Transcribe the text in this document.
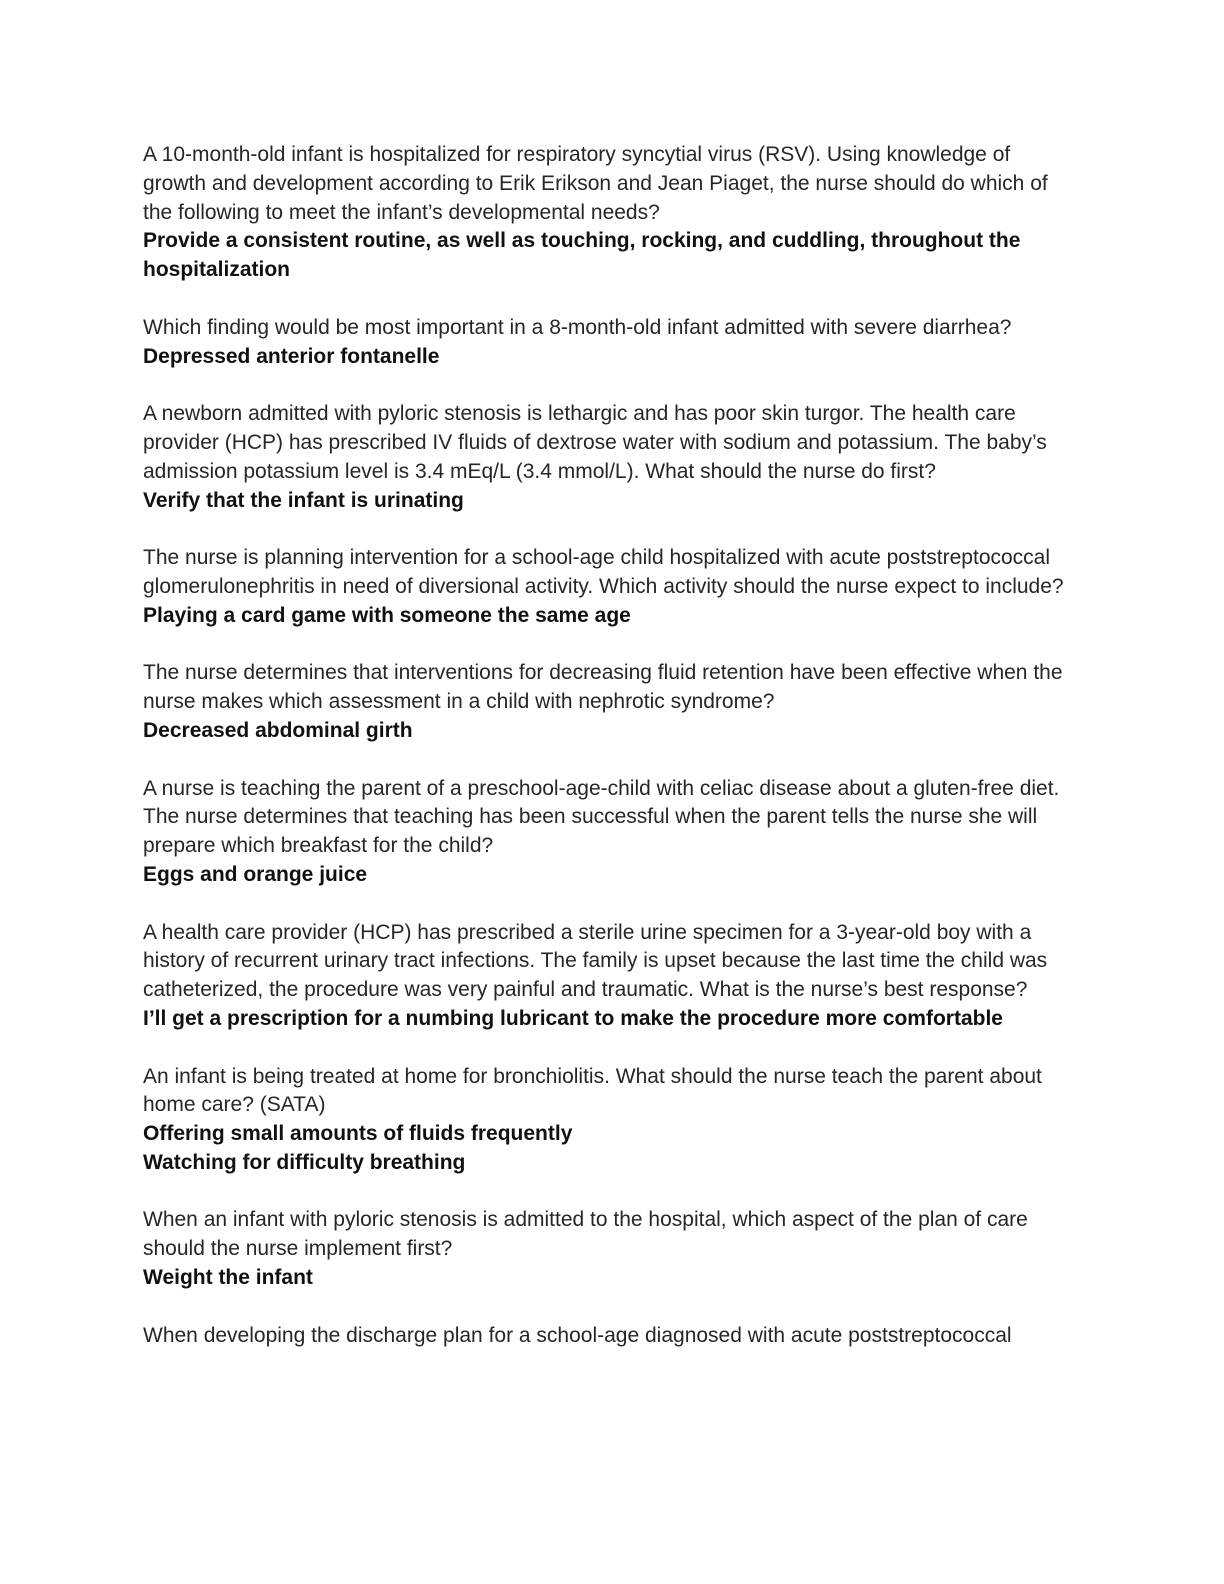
A 10-month-old infant is hospitalized for respiratory syncytial virus (RSV). Using knowledge of growth and development according to Erik Erikson and Jean Piaget, the nurse should do which of the following to meet the infant’s developmental needs?

Provide a consistent routine, as well as touching, rocking, and cuddling, throughout the hospitalization

Which finding would be most important in a 8-month-old infant admitted with severe diarrhea?

Depressed anterior fontanelle

A newborn admitted with pyloric stenosis is lethargic and has poor skin turgor. The health care provider (HCP) has prescribed IV fluids of dextrose water with sodium and potassium. The baby’s admission potassium level is 3.4 mEq/L (3.4 mmol/L). What should the nurse do first?

Verify that the infant is urinating

The nurse is planning intervention for a school-age child hospitalized with acute poststreptococcal glomerulonephritis in need of diversional activity. Which activity should the nurse expect to include?

Playing a card game with someone the same age

The nurse determines that interventions for decreasing fluid retention have been effective when the nurse makes which assessment in a child with nephrotic syndrome?

Decreased abdominal girth

A nurse is teaching the parent of a preschool-age-child with celiac disease about a gluten-free diet. The nurse determines that teaching has been successful when the parent tells the nurse she will prepare which breakfast for the child?

Eggs and orange juice

A health care provider (HCP) has prescribed a sterile urine specimen for a 3-year-old boy with a history of recurrent urinary tract infections. The family is upset because the last time the child was catheterized, the procedure was very painful and traumatic. What is the nurse’s best response?

I’ll get a prescription for a numbing lubricant to make the procedure more comfortable

An infant is being treated at home for bronchiolitis. What should the nurse teach the parent about home care? (SATA)

Offering small amounts of fluids frequently

Watching for difficulty breathing

When an infant with pyloric stenosis is admitted to the hospital, which aspect of the plan of care should the nurse implement first?

Weight the infant

When developing the discharge plan for a school-age diagnosed with acute poststreptococcal
